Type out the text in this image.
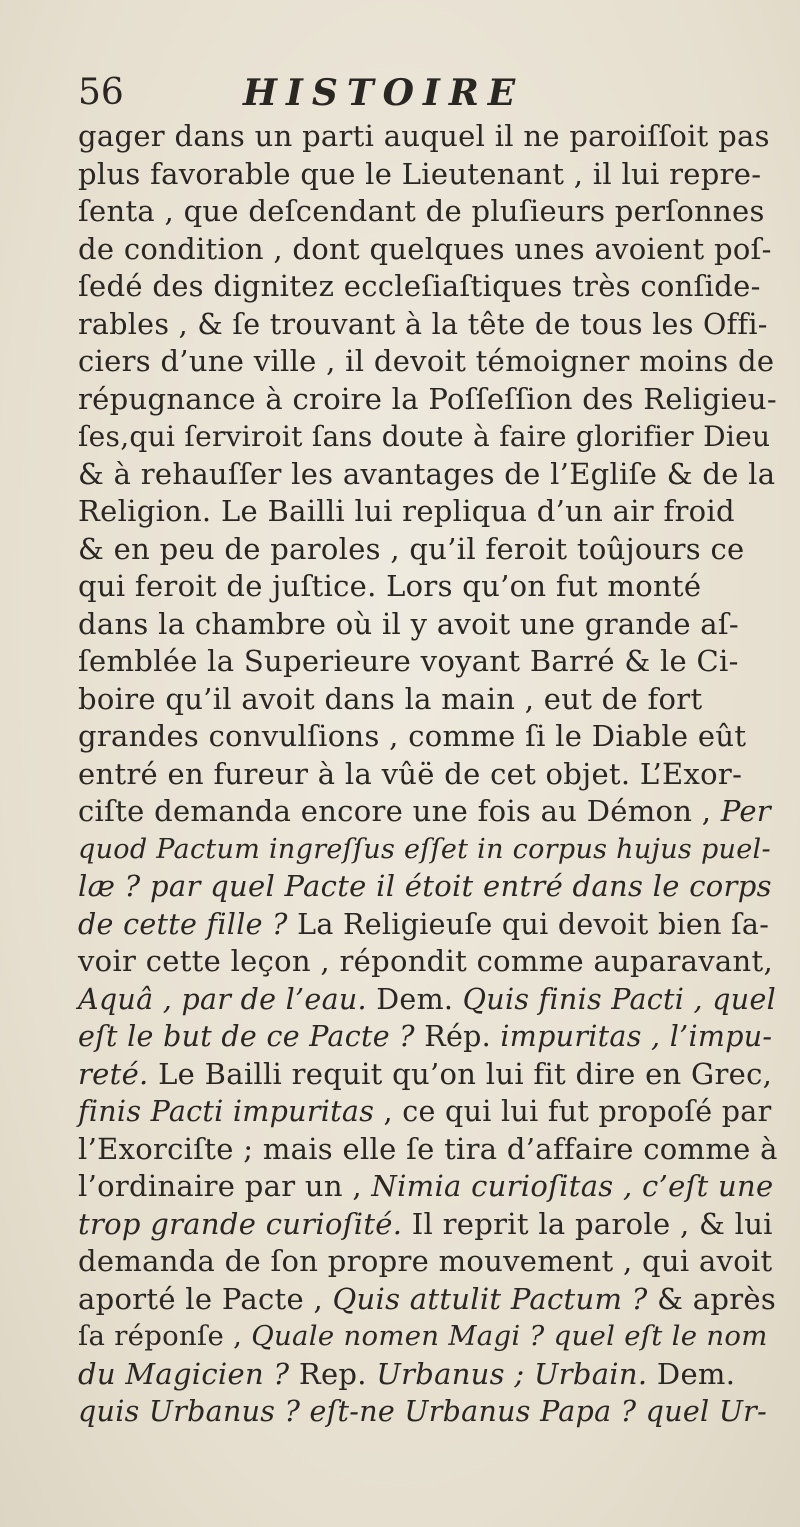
56	HISTOIRE
gager dans un parti auquel il ne paroiſſoit pas
plus favorable que le Lieutenant , il lui repre-
ſenta , que deſcendant de pluſieurs perſonnes
de condition , dont quelques unes avoient poſ-
ſedé des dignitez eccleſiaſtiques très conſide-
rables , & ſe trouvant à la tête de tous les Offi-
ciers d’une ville , il devoit témoigner moins de
répugnance à croire la Poſſeſſion des Religieu-
ſes,qui ſerviroit ſans doute à faire glorifier Dieu
& à rehauſſer les avantages de l’Egliſe & de la
Religion. Le Bailli lui repliqua d’un air froid
& en peu de paroles , qu’il feroit toûjours ce
qui feroit de juſtice. Lors qu’on fut monté
dans la chambre où il y avoit une grande aſ-
ſemblée la Superieure voyant Barré & le Ci-
boire qu’il avoit dans la main , eut de fort
grandes convulſions , comme ſi le Diable eût
entré en fureur à la vûë de cet objet. L’Exor-
ciſte demanda encore une fois au Démon , Per
quod Pactum ingreſſus eſſet in corpus hujus puel-
læ ? par quel Pacte il étoit entré dans le corps
de cette fille ? La Religieuſe qui devoit bien ſa-
voir cette leçon , répondit comme auparavant,
Aquâ , par de l’eau. Dem. Quis finis Pacti , quel
eſt le but de ce Pacte ? Rép. impuritas , l’impu-
reté. Le Bailli requit qu’on lui fit dire en Grec,
finis Pacti impuritas , ce qui lui fut propoſé par
l’Exorciſte ; mais elle ſe tira d’affaire comme à
l’ordinaire par un , Nimia curioſitas , c’eſt une
trop grande curioſité. Il reprit la parole , & lui
demanda de ſon propre mouvement , qui avoit
aporté le Pacte , Quis attulit Pactum ? & après
ſa réponſe , Quale nomen Magi ? quel eſt le nom
du Magicien ? Rep. Urbanus ; Urbain. Dem.
quis Urbanus ? eſt-ne Urbanus Papa ? quel Ur-
